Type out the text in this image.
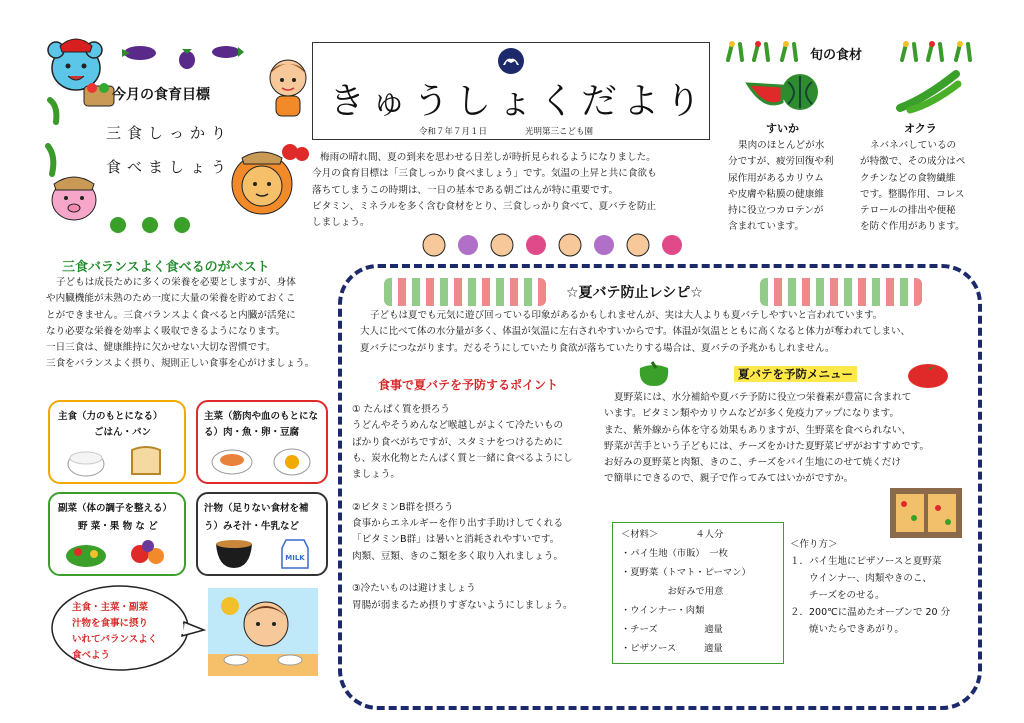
今月の食育目標
三食しっかり
食べましょう
きゅうしょくだより
令和７年７月１日	光明第三こども園

梅雨の晴れ間、夏の到来を思わせる日差しが時折見られるようになりました。

今月の食育目標は「三食しっかり食べましょう」です。気温の上昇と共に食欲も

落ちてしまうこの時期は、一日の基本である朝ごはんが特に重要です。

ビタミン、ミネラルを多く含む食材をとり、三食しっかり食べて、夏バテを防止

しましょう。

旬の食材
すいか	オクラ

果肉のほとんどが水

分ですが、疲労回復や利

尿作用があるカリウム

や皮膚や粘膜の健康維

持に役立つカロテンが

含まれています。

ネバネバしているの

が特徴で、その成分はペ

クチンなどの食物繊維

です。整腸作用、コレス

テロールの排出や便秘

を防ぐ作用があります。

三食バランスよく食べるのがベスト

子どもは成長ために多くの栄養を必要としますが、身体

や内臓機能が未熟のため一度に大量の栄養を貯めておくこ

とができません。三食バランスよく食べると内臓が活発に

なり必要な栄養を効率よく吸収できるようになります。

一日三食は、健康維持に欠かせない大切な習慣です。

三食をバランスよく摂り、規則正しい食事を心がけましょう。

主食（力のもとになる）
ごはん・パン
主菜（筋肉や血のもとにな
る）肉・魚・卵・豆腐
副菜（体の調子を整える）
野 菜・果 物 な ど
汁物（足りない食材を補
う）みそ汁・牛乳など
MILK

主食・主菜・副菜

汁物を食事に摂り

いれてバランスよく

食べよう

☆夏バテ防止レシピ☆

子どもは夏でも元気に遊び回っている印象があるかもしれませんが、実は大人よりも夏バテしやすいと言われています。

大人に比べて体の水分量が多く、体温が気温に左右されやすいからです。体温が気温とともに高くなると体力が奪われてしまい、

夏バテにつながります。だるそうにしていたり食欲が落ちていたりする場合は、夏バテの予兆かもしれません。

食事で夏バテを予防するポイント

① たんぱく質を摂ろう

うどんやそうめんなど喉越しがよくて冷たいもの

ばかり食べがちですが、スタミナをつけるために

も、炭水化物とたんぱく質と一緒に食べるようにし

ましょう。

②ビタミンB群を摂ろう

食事からエネルギーを作り出す手助けしてくれる

「ビタミンB群」は暑いと消耗されやすいです。

肉類、豆類、きのこ類を多く取り入れましょう。

③冷たいものは避けましょう

胃腸が弱まるため摂りすぎないようにしましょう。

夏バテを予防メニュー

夏野菜には、水分補給や夏バテ予防に役立つ栄養素が豊富に含まれて

います。ビタミン類やカリウムなどが多く免疫力アップになります。

また、紫外線から体を守る効果もありますが、生野菜を食べられない、

野菜が苦手という子どもには、チーズをかけた夏野菜ピザがおすすめです。

お好みの夏野菜と肉類、きのこ、チーズをパイ生地にのせて焼くだけ

で簡単にできるので、親子で作ってみてはいかがですか。

＜材料＞　　　　４人分

・パイ生地（市販）　一枚

・夏野菜（トマト・ピーマン）

　　　　　お好みで用意

・ウインナー・肉類

・チーズ　　　　　適量

・ピザソース　　　適量

＜作り方＞

１．パイ生地にピザソースと夏野菜

　　ウインナー、肉類やきのこ、

　　チーズをのせる。

２．200℃に温めたオーブンで 20 分

　　焼いたらできあがり。
